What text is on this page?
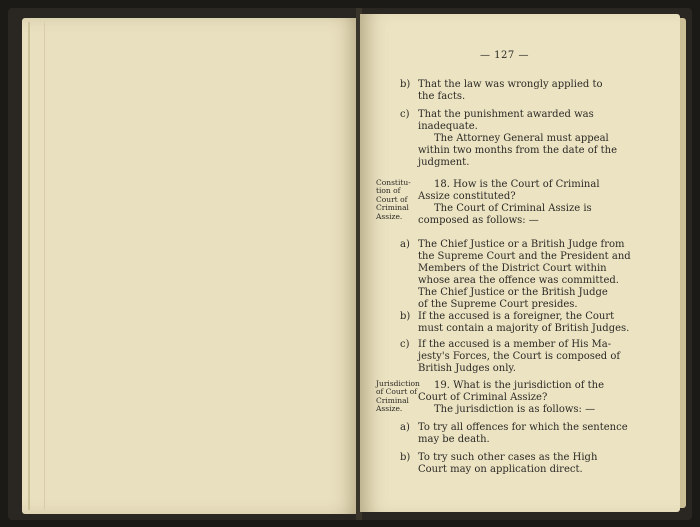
— 127 —
b) That the law was wrongly applied to
the facts.
c) That the punishment awarded was
inadequate.
The Attorney General must appeal
within two months from the date of the
judgment.
Constitu-
tion of
Court of
Criminal
Assize.
18. How is the Court of Criminal
Assize constituted?
The Court of Criminal Assize is
composed as follows: —
a) The Chief Justice or a British Judge from
the Supreme Court and the President and
Members of the District Court within
whose area the offence was committed.
The Chief Justice or the British Judge
of the Supreme Court presides.
b) If the accused is a foreigner, the Court
must contain a majority of British Judges.
c) If the accused is a member of His Ma-
jesty's Forces, the Court is composed of
British Judges only.
Jurisdiction
of Court of
Criminal
Assize.
19. What is the jurisdiction of the
Court of Criminal Assize?
The jurisdiction is as follows: —
a) To try all offences for which the sentence
may be death.
b) To try such other cases as the High
Court may on application direct.
